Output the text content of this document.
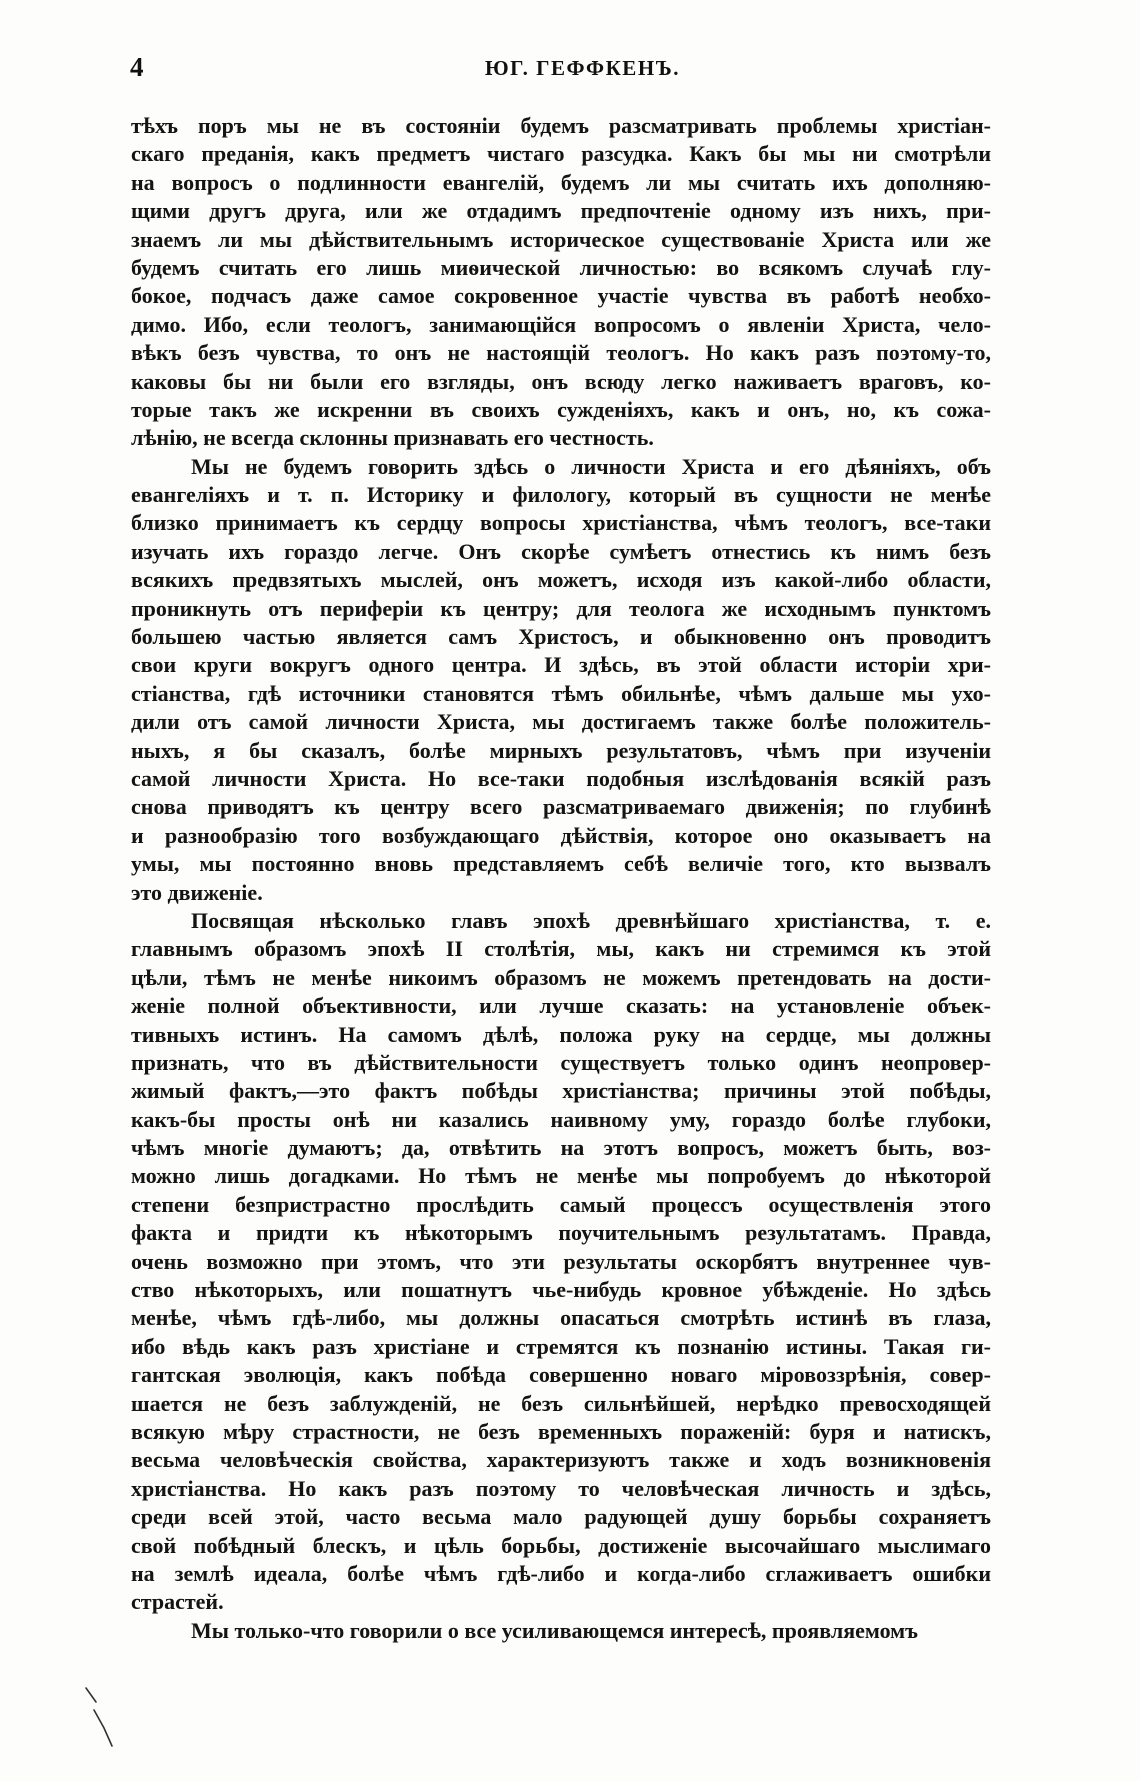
4	ЮГ. ГЕФФКЕНЪ.
тѣхъ поръ мы не въ состояніи будемъ разсматривать проблемы христіан-
скаго преданія, какъ предметъ чистаго разсудка. Какъ бы мы ни смотрѣли
на вопросъ о подлинности евангелій, будемъ ли мы считать ихъ дополняю-
щими другъ друга, или же отдадимъ предпочтеніе одному изъ нихъ, при-
знаемъ ли мы дѣйствительнымъ историческое существованіе Христа или же
будемъ считать его лишь миѳической личностью: во всякомъ случаѣ глу-
бокое, подчасъ даже самое сокровенное участіе чувства въ работѣ необхо-
димо. Ибо, если теологъ, занимающійся вопросомъ о явленіи Христа, чело-
вѣкъ безъ чувства, то онъ не настоящій теологъ. Но какъ разъ поэтому-то,
каковы бы ни были его взгляды, онъ всюду легко наживаетъ враговъ, ко-
торые такъ же искренни въ своихъ сужденіяхъ, какъ и онъ, но, къ сожа-
лѣнію, не всегда склонны признавать его честность.
Мы не будемъ говорить здѣсь о личности Христа и его дѣяніяхъ, объ
евангеліяхъ и т. п. Историку и филологу, который въ сущности не менѣе
близко принимаетъ къ сердцу вопросы христіанства, чѣмъ теологъ, все-таки
изучать ихъ гораздо легче. Онъ скорѣе сумѣетъ отнестись къ нимъ безъ
всякихъ предвзятыхъ мыслей, онъ можетъ, исходя изъ какой-либо области,
проникнуть отъ периферіи къ центру; для теолога же исходнымъ пунктомъ
большею частью является самъ Христосъ, и обыкновенно онъ проводитъ
свои круги вокругъ одного центра. И здѣсь, въ этой области исторіи хри-
стіанства, гдѣ источники становятся тѣмъ обильнѣе, чѣмъ дальше мы ухо-
дили отъ самой личности Христа, мы достигаемъ также болѣе положитель-
ныхъ, я бы сказалъ, болѣе мирныхъ результатовъ, чѣмъ при изученіи
самой личности Христа. Но все-таки подобныя изслѣдованія всякій разъ
снова приводятъ къ центру всего разсматриваемаго движенія; по глубинѣ
и разнообразію того возбуждающаго дѣйствія, которое оно оказываетъ на
умы, мы постоянно вновь представляемъ себѣ величіе того, кто вызвалъ
это движеніе.
Посвящая нѣсколько главъ эпохѣ древнѣйшаго христіанства, т. е.
главнымъ образомъ эпохѣ II столѣтія, мы, какъ ни стремимся къ этой
цѣли, тѣмъ не менѣе никоимъ образомъ не можемъ претендовать на дости-
женіе полной объективности, или лучше сказать: на установленіе объек-
тивныхъ истинъ. На самомъ дѣлѣ, положа руку на сердце, мы должны
признать, что въ дѣйствительности существуетъ только одинъ неопровер-
жимый фактъ,—это фактъ побѣды христіанства; причины этой побѣды,
какъ-бы просты онѣ ни казались наивному уму, гораздо болѣе глубоки,
чѣмъ многіе думаютъ; да, отвѣтить на этотъ вопросъ, можетъ быть, воз-
можно лишь догадками. Но тѣмъ не менѣе мы попробуемъ до нѣкоторой
степени безпристрастно прослѣдить самый процессъ осуществленія этого
факта и придти къ нѣкоторымъ поучительнымъ результатамъ. Правда,
очень возможно при этомъ, что эти результаты оскорбятъ внутреннее чув-
ство нѣкоторыхъ, или пошатнутъ чье-нибудь кровное убѣжденіе. Но здѣсь
менѣе, чѣмъ гдѣ-либо, мы должны опасаться смотрѣть истинѣ въ глаза,
ибо вѣдь какъ разъ христіане и стремятся къ познанію истины. Такая ги-
гантская эволюція, какъ побѣда совершенно новаго міровоззрѣнія, совер-
шается не безъ заблужденій, не безъ сильнѣйшей, нерѣдко превосходящей
всякую мѣру страстности, не безъ временныхъ пораженій: буря и натискъ,
весьма человѣческія свойства, характеризуютъ также и ходъ возникновенія
христіанства. Но какъ разъ поэтому то человѣческая личность и здѣсь,
среди всей этой, часто весьма мало радующей душу борьбы сохраняетъ
свой побѣдный блескъ, и цѣль борьбы, достиженіе высочайшаго мыслимаго
на землѣ идеала, болѣе чѣмъ гдѣ-либо и когда-либо сглаживаетъ ошибки
страстей.
Мы только-что говорили о все усиливающемся интересѣ, проявляемомъ
